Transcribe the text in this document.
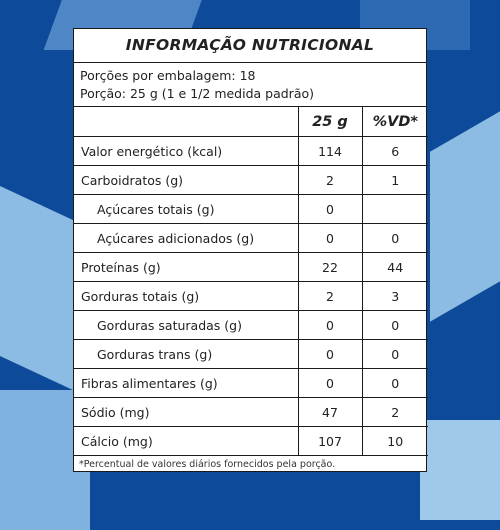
INFORMAÇÃO NUTRICIONAL
Porções por embalagem: 18
Porção: 25 g (1 e 1/2 medida padrão)
	25 g	%VD*
Valor energético (kcal)	114	6
Carboidratos (g)	2	1
Açúcares totais (g)	0	
Açúcares adicionados (g)	0	0
Proteínas (g)	22	44
Gorduras totais (g)	2	3
Gorduras saturadas (g)	0	0
Gorduras trans (g)	0	0
Fibras alimentares (g)	0	0
Sódio (mg)	47	2
Cálcio (mg)	107	10
*Percentual de valores diários fornecidos pela porção.
